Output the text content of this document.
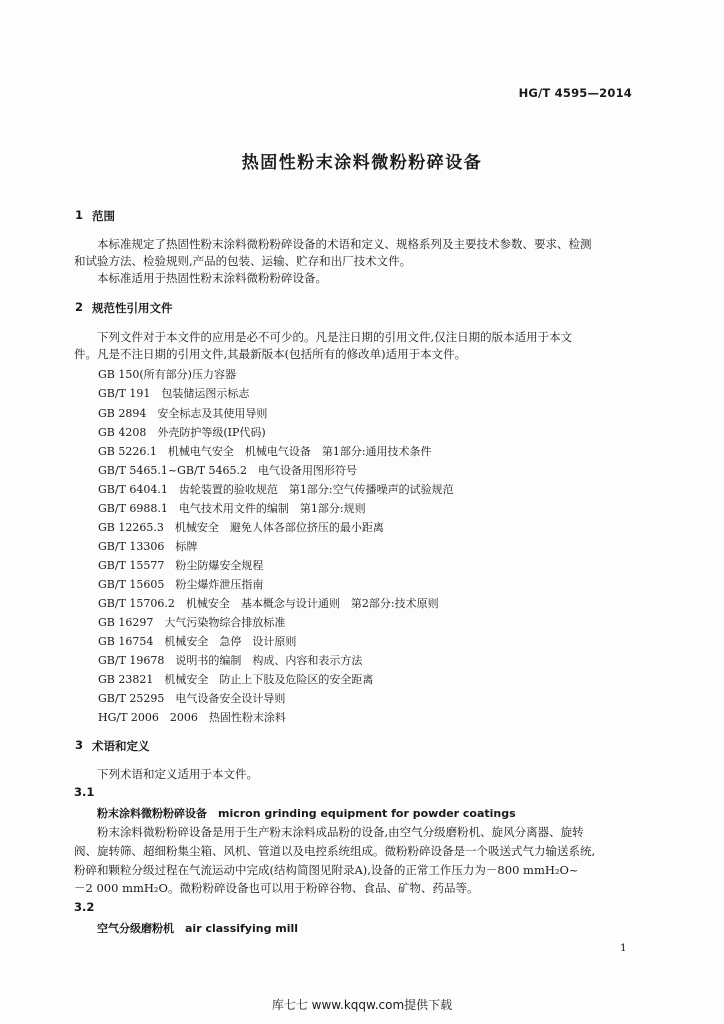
HG/T 4595—2014
热固性粉末涂料微粉粉碎设备
1 范围
本标准规定了热固性粉末涂料微粉粉碎设备的术语和定义、规格系列及主要技术参数、要求、检测
和试验方法、检验规则,产品的包装、运输、贮存和出厂技术文件。
本标准适用于热固性粉末涂料微粉粉碎设备。
2 规范性引用文件
下列文件对于本文件的应用是必不可少的。凡是注日期的引用文件,仅注日期的版本适用于本文
件。凡是不注日期的引用文件,其最新版本(包括所有的修改单)适用于本文件。
GB 150(所有部分)压力容器
GB/T 191　包装储运图示标志
GB 2894　安全标志及其使用导则
GB 4208　外壳防护等级(IP代码)
GB 5226.1　机械电气安全　机械电气设备　第1部分:通用技术条件
GB/T 5465.1~GB/T 5465.2　电气设备用图形符号
GB/T 6404.1　齿轮装置的验收规范　第1部分:空气传播噪声的试验规范
GB/T 6988.1　电气技术用文件的编制　第1部分:规则
GB 12265.3　机械安全　避免人体各部位挤压的最小距离
GB/T 13306　标牌
GB/T 15577　粉尘防爆安全规程
GB/T 15605　粉尘爆炸泄压指南
GB/T 15706.2　机械安全　基本概念与设计通则　第2部分:技术原则
GB 16297　大气污染物综合排放标准
GB 16754　机械安全　急停　设计原则
GB/T 19678　说明书的编制　构成、内容和表示方法
GB 23821　机械安全　防止上下肢及危险区的安全距离
GB/T 25295　电气设备安全设计导则
HG/T 2006　2006　热固性粉末涂料
3 术语和定义
下列术语和定义适用于本文件。
3.1
粉末涂料微粉粉碎设备　micron grinding equipment for powder coatings
粉末涂料微粉粉碎设备是用于生产粉末涂料成品粉的设备,由空气分级磨粉机、旋风分离器、旋转
阀、旋转筛、超细粉集尘箱、风机、管道以及电控系统组成。微粉粉碎设备是一个吸送式气力输送系统,
粉碎和颗粒分级过程在气流运动中完成(结构简图见附录A),设备的正常工作压力为－800 mmH₂O~
－2 000 mmH₂O。微粉粉碎设备也可以用于粉碎谷物、食品、矿物、药品等。
3.2
空气分级磨粉机　air classifying mill
1
库七七 www.kqqw.com提供下载
